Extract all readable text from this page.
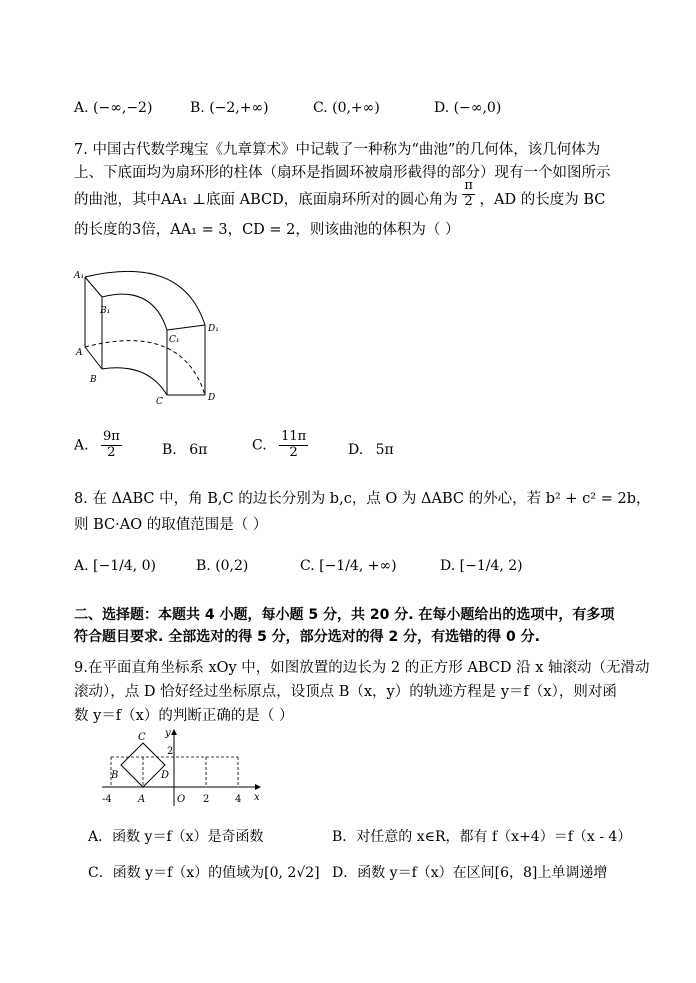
A. (−∞,−2)	B. (−2,+∞)	C. (0,+∞)	D. (−∞,0)
7. 中国古代数学瑰宝《九章算术》中记载了一种称为“曲池”的几何体，该几何体为
上、下底面均为扇环形的柱体（扇环是指圆环被扇形截得的部分）现有一个如图所示
的曲池，其中AA₁ ⊥底面 ABCD，底面扇环所对的圆心角为 $\frac{\pi}{2}$ ，AD 的长度为 BC
的长度的3倍，AA₁ = 3，CD = 2，则该曲池的体积为（ ）
A₁
B₁
A
B
C₁
D₁
C	D
A. $\frac{9\pi}{2}$	B. 6π	C. $\frac{11\pi}{2}$	D. 5π
8. 在 ΔABC 中，角 B,C 的边长分别为 b,c，点 O 为 ΔABC 的外心，若 b² + c² = 2b，
则 BC·AO 的取值范围是（ ）
A. [−1/4, 0)	B. (0,2)	C. [−1/4, +∞)	D. [−1/4, 2)
二、选择题：本题共 4 小题，每小题 5 分，共 20 分. 在每小题给出的选项中，有多项
符合题目要求. 全部选对的得 5 分，部分选对的得 2 分，有选错的得 0 分.
9.在平面直角坐标系 xOy 中，如图放置的边长为 2 的正方形 ABCD 沿 x 轴滚动（无滑动
滚动），点 D 恰好经过坐标原点，设顶点 B（x，y）的轨迹方程是 y＝f（x），则对函
数 y＝f（x）的判断正确的是（ ）
y
C
2
B	D
-4	A	O 2	4 x
A．函数 y＝f（x）是奇函数	B．对任意的 x∈R，都有 f（x+4）＝f（x - 4）
C．函数 y＝f（x）的值域为[0, 2√2] D．函数 y＝f（x）在区间[6，8]上单调递增
